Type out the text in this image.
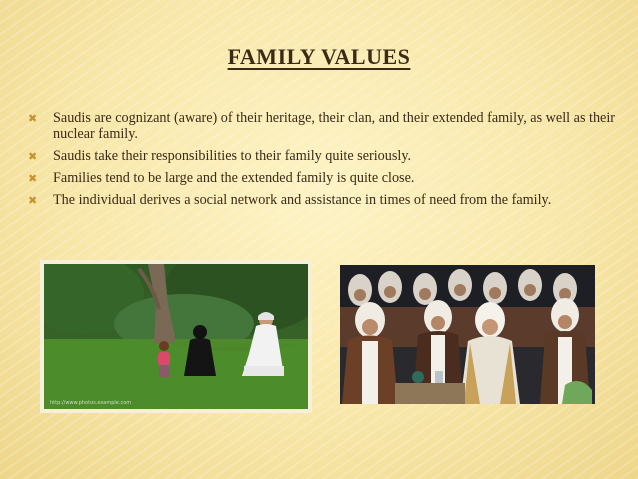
FAMILY VALUES
✖ Saudis are cognizant (aware) of their heritage, their clan, and their extended family, as well as their nuclear family.
✖ Saudis take their responsibilities to their family quite seriously.
✖ Families tend to be large and the extended family is quite close.
✖ The individual derives a social network and assistance in times of need from the family.
http://www.photos.example.com
